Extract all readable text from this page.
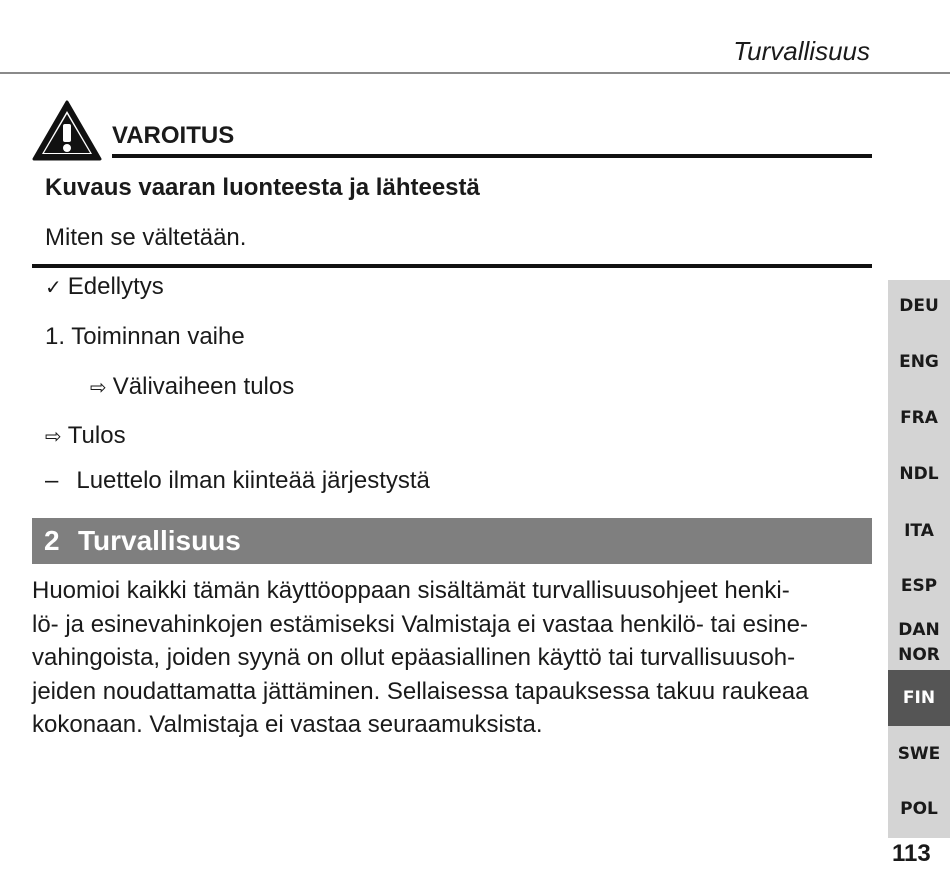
Turvallisuus
VAROITUS
Kuvaus vaaran luonteesta ja lähteestä
Miten se vältetään.
✓ Edellytys
1. Toiminnan vaihe
⇨ Välivaiheen tulos
⇨ Tulos
– Luettelo ilman kiinteää järjestystä
2 Turvallisuus
Huomioi kaikki tämän käyttöoppaan sisältämät turvallisuusohjeet henki-
lö- ja esinevahinkojen estämiseksi Valmistaja ei vastaa henkilö- tai esine-
vahingoista, joiden syynä on ollut epäasiallinen käyttö tai turvallisuusoh-
jeiden noudattamatta jättäminen. Sellaisessa tapauksessa takuu raukeaa
kokonaan. Valmistaja ei vastaa seuraamuksista.
DEU
ENG
FRA
NDL
ITA
ESP
DAN
NOR
FIN
SWE
POL
113
